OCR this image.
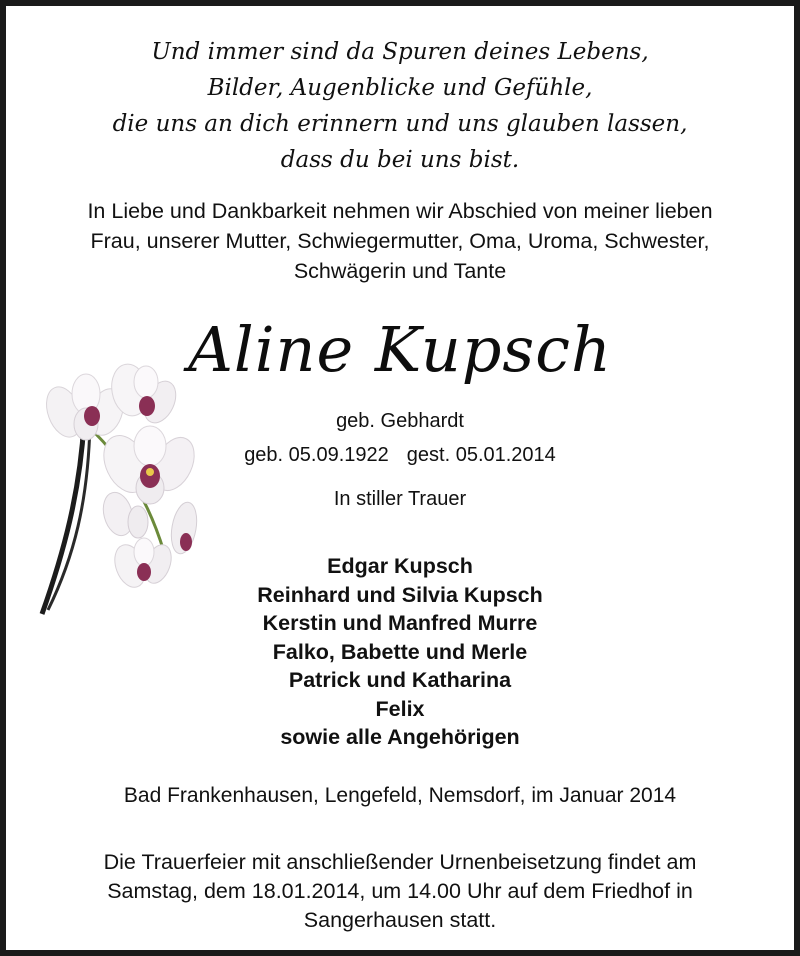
Und immer sind da Spuren deines Lebens,
Bilder, Augenblicke und Gefühle,
die uns an dich erinnern und uns glauben lassen,
dass du bei uns bist.
In Liebe und Dankbarkeit nehmen wir Abschied von meiner lieben
Frau, unserer Mutter, Schwiegermutter, Oma, Uroma, Schwester,
Schwägerin und Tante
Aline Kupsch
geb. Gebhardt
geb. 05.09.1922 gest. 05.01.2014
In stiller Trauer
Edgar Kupsch
Reinhard und Silvia Kupsch
Kerstin und Manfred Murre
Falko, Babette und Merle
Patrick und Katharina
Felix
sowie alle Angehörigen
Bad Frankenhausen, Lengefeld, Nemsdorf, im Januar 2014
Die Trauerfeier mit anschließender Urnenbeisetzung findet am
Samstag, dem 18.01.2014, um 14.00 Uhr auf dem Friedhof in
Sangerhausen statt.
